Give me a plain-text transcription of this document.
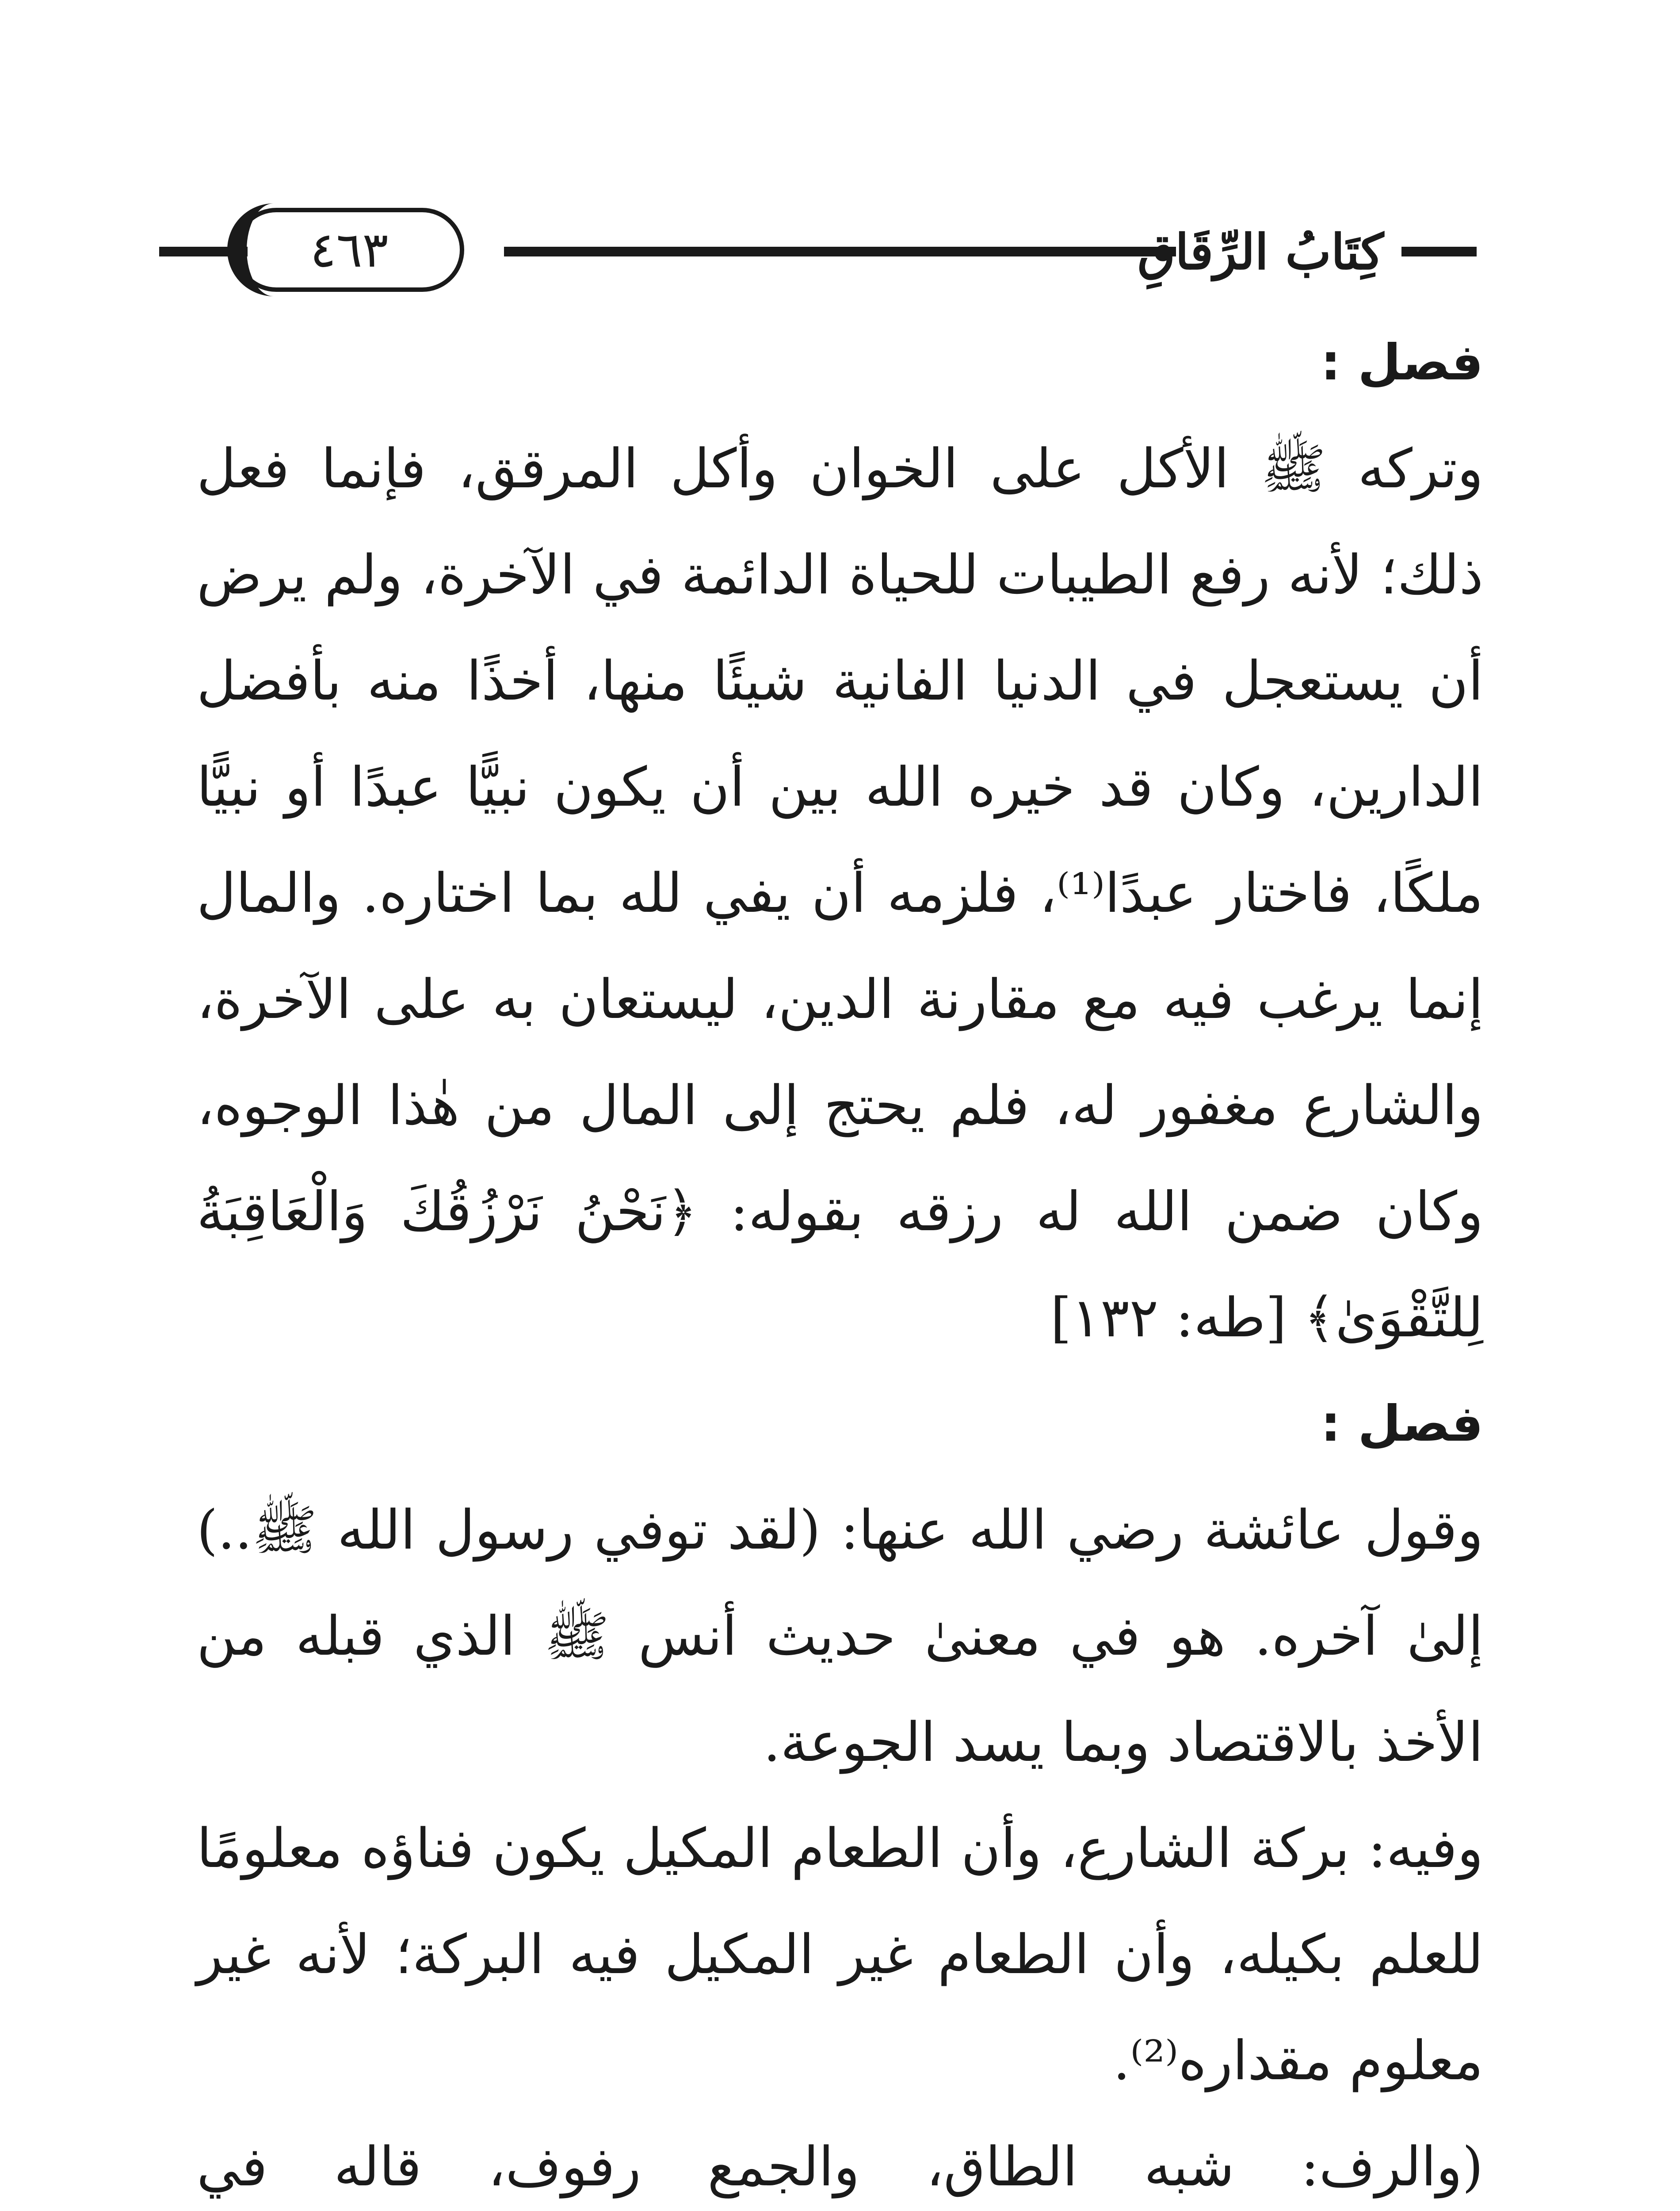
كِتَابُ الرِّقَاقِ
٤٦٣
فصل :

وتركه ﷺ الأكل على الخوان وأكل المرقق، فإنما فعل ذلك؛ لأنه رفع الطيبات للحياة الدائمة في الآخرة، ولم يرض أن يستعجل في الدنيا الفانية شيئًا منها، أخذًا منه بأفضل الدارين، وكان قد خيره الله بين أن يكون نبيًّا عبدًا أو نبيًّا ملكًا، فاختار عبدًا⁽¹⁾، فلزمه أن يفي لله بما اختاره. والمال إنما يرغب فيه مع مقارنة الدين، ليستعان به على الآخرة، والشارع مغفور له، فلم يحتج إلى المال من هٰذا الوجوه، وكان ضمن الله له رزقه بقوله: ﴿نَحْنُ نَرْزُقُكَ وَالْعَاقِبَةُ لِلتَّقْوَىٰ﴾ [طه: ١٣٢]

فصل :

وقول عائشة رضي الله عنها: (لقد توفي رسول الله ﷺ..) إلىٰ آخره. هو في معنىٰ حديث أنس ﷺ الذي قبله من الأخذ بالاقتصاد وبما يسد الجوعة.

وفيه: بركة الشارع، وأن الطعام المكيل يكون فناؤه معلومًا للعلم بكيله، وأن الطعام غير المكيل فيه البركة؛ لأنه غير معلوم مقداره⁽²⁾.

(والرف: شبه الطاق، والجمع رفوف، قاله في
